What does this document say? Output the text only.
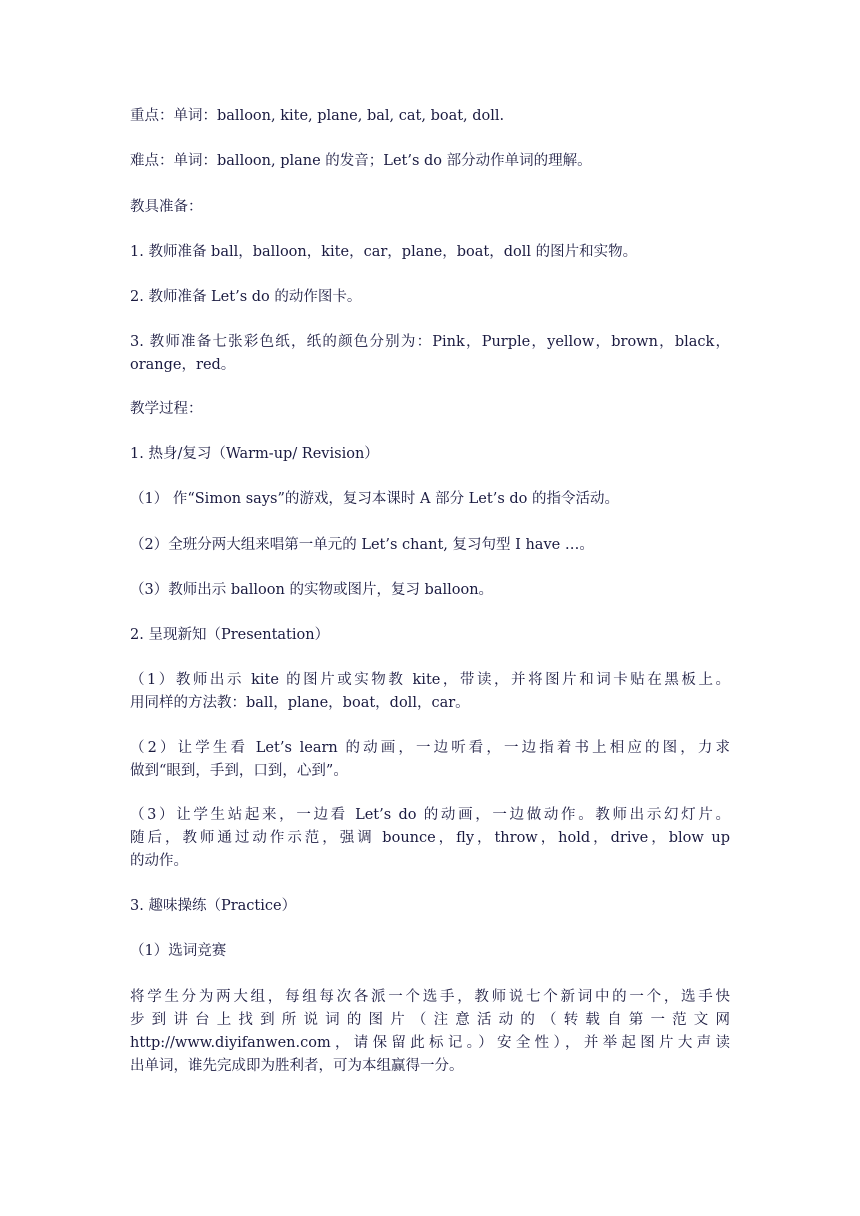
重点：单词：balloon, kite, plane, bal, cat, boat, doll.

难点：单词：balloon, plane 的发音；Let’s do 部分动作单词的理解。

教具准备：

1. 教师准备 ball，balloon，kite，car，plane，boat，doll 的图片和实物。

2. 教师准备 Let’s do 的动作图卡。

3. 教师准备七张彩色纸，纸的颜色分别为：Pink，Purple，yellow，brown，black，

orange，red。

教学过程：

1. 热身/复习（Warm-up/ Revision）

（1） 作“Simon says”的游戏，复习本课时 A 部分 Let’s do 的指令活动。

（2）全班分两大组来唱第一单元的 Let’s chant, 复习句型 I have …。

（3）教师出示 balloon 的实物或图片，复习 balloon。

2. 呈现新知（Presentation）

（1）教师出示 kite 的图片或实物教 kite，带读，并将图片和词卡贴在黑板上。

用同样的方法教：ball，plane，boat，doll，car。

（2）让学生看 Let’s learn 的动画，一边听看，一边指着书上相应的图，力求

做到“眼到，手到，口到，心到”。

（3）让学生站起来，一边看 Let’s do 的动画，一边做动作。教师出示幻灯片。

随后，教师通过动作示范，强调 bounce，fly，throw，hold，drive，blow up

的动作。

3. 趣味操练（Practice）

（1）选词竞赛

将学生分为两大组，每组每次各派一个选手，教师说七个新词中的一个，选手快

步到讲台上找到所说词的图片（注意活动的（转载自第一范文网

http://www.diyifanwen.com，请保留此标记。）安全性），并举起图片大声读

出单词，谁先完成即为胜利者，可为本组赢得一分。
